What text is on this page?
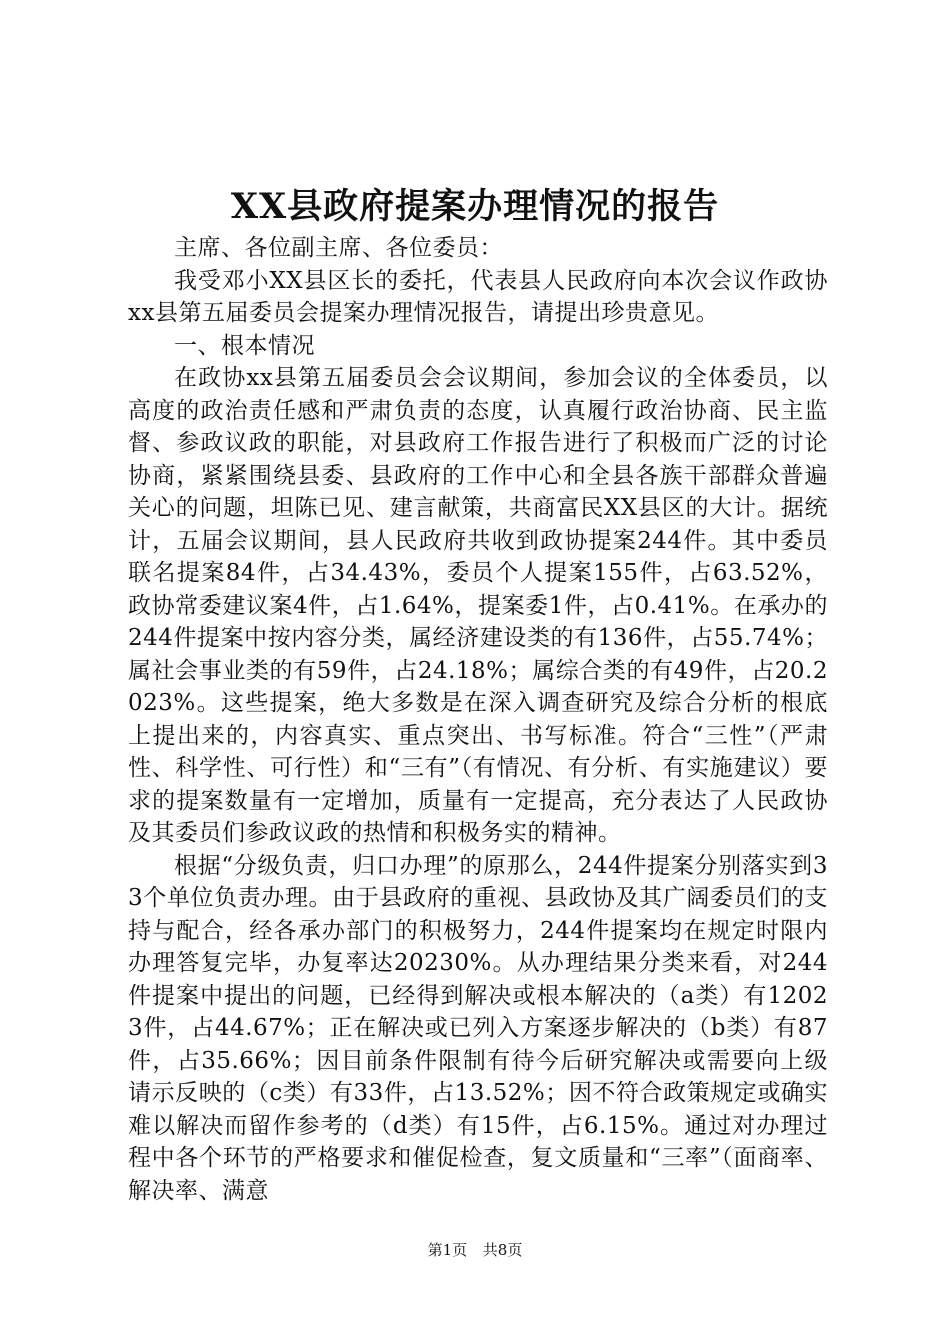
XX县政府提案办理情况的报告

主席、各位副主席、各位委员：

我受邓小XX县区长的委托，代表县人民政府向本次会议作政协xx县第五届委员会提案办理情况报告，请提出珍贵意见。

一、根本情况

在政协xx县第五届委员会会议期间，参加会议的全体委员，以高度的政治责任感和严肃负责的态度，认真履行政治协商、民主监督、参政议政的职能，对县政府工作报告进行了积极而广泛的讨论协商，紧紧围绕县委、县政府的工作中心和全县各族干部群众普遍关心的问题，坦陈已见、建言献策，共商富民XX县区的大计。据统计，五届会议期间，县人民政府共收到政协提案244件。其中委员联名提案84件，占34.43%，委员个人提案155件，占63.52%，政协常委建议案4件，占1.64%，提案委1件，占0.41%。在承办的244件提案中按内容分类，属经济建设类的有136件，占55.74%；属社会事业类的有59件，占24.18%；属综合类的有49件，占20.2023%。这些提案，绝大多数是在深入调查研究及综合分析的根底上提出来的，内容真实、重点突出、书写标准。符合“三性”（严肃性、科学性、可行性）和“三有”（有情况、有分析、有实施建议）要求的提案数量有一定增加，质量有一定提高，充分表达了人民政协及其委员们参政议政的热情和积极务实的精神。

根据“分级负责，归口办理”的原那么，244件提案分别落实到33个单位负责办理。由于县政府的重视、县政协及其广阔委员们的支持与配合，经各承办部门的积极努力，244件提案均在规定时限内办理答复完毕，办复率达20230%。从办理结果分类来看，对244件提案中提出的问题，已经得到解决或根本解决的（a类）有12023件，占44.67%；正在解决或已列入方案逐步解决的（b类）有87件，占35.66%；因目前条件限制有待今后研究解决或需要向上级请示反映的（c类）有33件，占13.52%；因不符合政策规定或确实难以解决而留作参考的（d类）有15件，占6.15%。通过对办理过程中各个环节的严格要求和催促检查，复文质量和“三率”（面商率、解决率、满意

第1页 共8页
